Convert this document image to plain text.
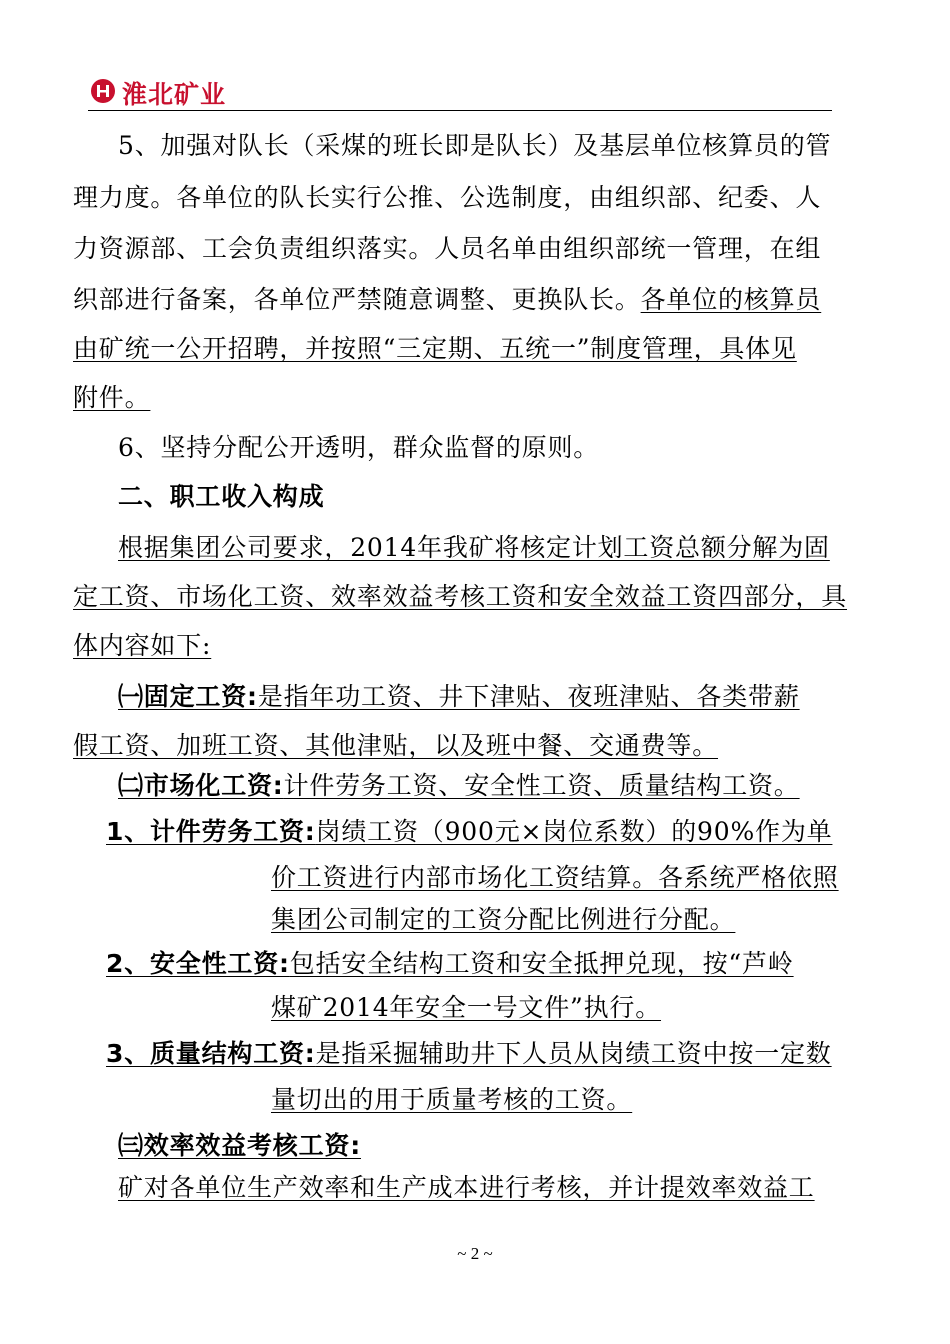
淮北矿业
5、加强对队长（采煤的班长即是队长）及基层单位核算员的管
理力度。各单位的队长实行公推、公选制度，由组织部、纪委、人
力资源部、工会负责组织落实。人员名单由组织部统一管理，在组
织部进行备案，各单位严禁随意调整、更换队长。各单位的核算员
由矿统一公开招聘，并按照“三定期、五统一”制度管理，具体见
附件。
6、坚持分配公开透明，群众监督的原则。
二、职工收入构成
根据集团公司要求，2014年我矿将核定计划工资总额分解为固
定工资、市场化工资、效率效益考核工资和安全效益工资四部分，具
体内容如下:
㈠固定工资:是指年功工资、井下津贴、夜班津贴、各类带薪
假工资、加班工资、其他津贴，以及班中餐、交通费等。
㈡市场化工资:计件劳务工资、安全性工资、质量结构工资。
1、计件劳务工资:岗绩工资（900元×岗位系数）的90%作为单
价工资进行内部市场化工资结算。各系统严格依照
集团公司制定的工资分配比例进行分配。
2、安全性工资:包括安全结构工资和安全抵押兑现，按“芦岭
煤矿2014年安全一号文件”执行。
3、质量结构工资:是指采掘辅助井下人员从岗绩工资中按一定数
量切出的用于质量考核的工资。
㈢效率效益考核工资:
矿对各单位生产效率和生产成本进行考核，并计提效率效益工
~ 2 ~
